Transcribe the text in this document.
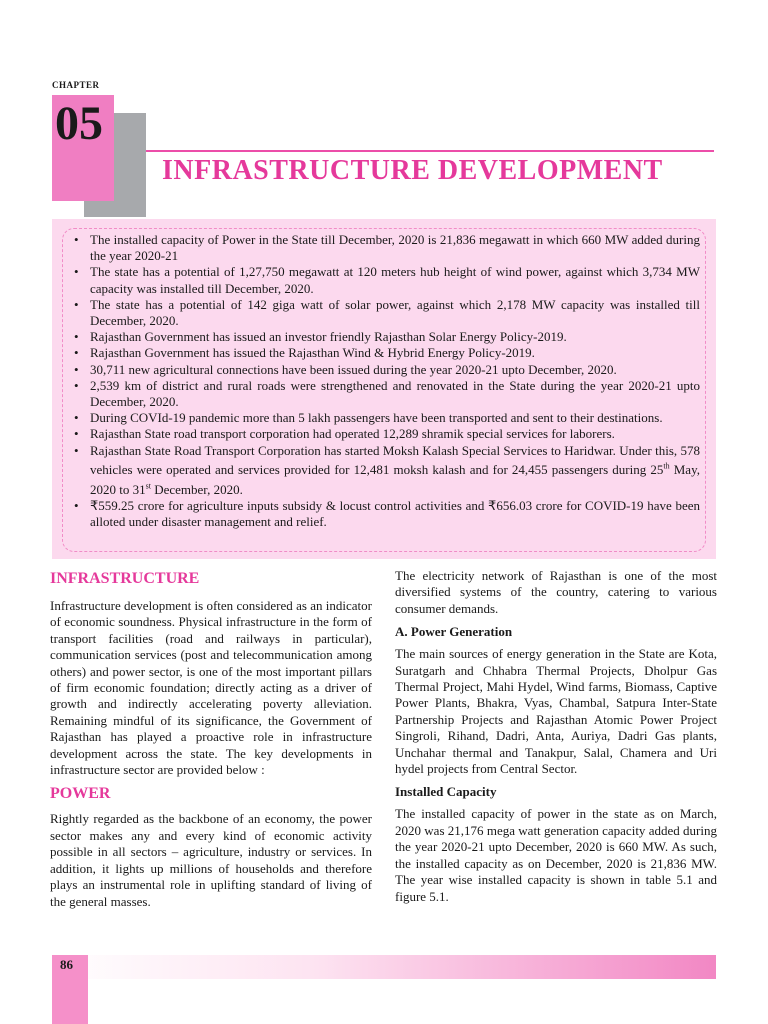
CHAPTER
05
INFRASTRUCTURE DEVELOPMENT
• The installed capacity of Power in the State till December, 2020 is 21,836 megawatt in which 660 MW added during the year 2020-21
• The state has a potential of 1,27,750 megawatt at 120 meters hub height of wind power, against which 3,734 MW capacity was installed till December, 2020.
• The state has a potential of 142 giga watt of solar power, against which 2,178 MW capacity was installed till December, 2020.
• Rajasthan Government has issued an investor friendly Rajasthan Solar Energy Policy-2019.
• Rajasthan Government has issued the Rajasthan Wind & Hybrid Energy Policy-2019.
• 30,711 new agricultural connections have been issued during the year 2020-21 upto December, 2020.
• 2,539 km of district and rural roads were strengthened and renovated in the State during the year 2020-21 upto December, 2020.
• During COVId-19 pandemic more than 5 lakh passengers have been transported and sent to their destinations.
• Rajasthan State road transport corporation had operated 12,289 shramik special services for laborers.
• Rajasthan State Road Transport Corporation has started Moksh Kalash Special Services to Haridwar. Under this, 578 vehicles were operated and services provided for 12,481 moksh kalash and for 24,455 passengers during 25th May, 2020 to 31st December, 2020.
• ₹559.25 crore for agriculture inputs subsidy & locust control activities and ₹656.03 crore for COVID-19 have been alloted under disaster management and relief.
INFRASTRUCTURE

Infrastructure development is often considered as an indicator of economic soundness. Physical infrastructure in the form of transport facilities (road and railways in particular), communication services (post and telecommunication among others) and power sector, is one of the most important pillars of firm economic foundation; directly acting as a driver of growth and indirectly accelerating poverty alleviation. Remaining mindful of its significance, the Government of Rajasthan has played a proactive role in infrastructure development across the state. The key developments in infrastructure sector are provided below :

POWER

Rightly regarded as the backbone of an economy, the power sector makes any and every kind of economic activity possible in all sectors – agriculture, industry or services. In addition, it lights up millions of households and therefore plays an instrumental role in uplifting standard of living of the general masses.

The electricity network of Rajasthan is one of the most diversified systems of the country, catering to various consumer demands.

A. Power Generation

The main sources of energy generation in the State are Kota, Suratgarh and Chhabra Thermal Projects, Dholpur Gas Thermal Project, Mahi Hydel, Wind farms, Biomass, Captive Power Plants, Bhakra, Vyas, Chambal, Satpura Inter-State Partnership Projects and Rajasthan Atomic Power Project Singroli, Rihand, Dadri, Anta, Auriya, Dadri Gas plants, Unchahar thermal and Tanakpur, Salal, Chamera and Uri hydel projects from Central Sector.

Installed Capacity

The installed capacity of power in the state as on March, 2020 was 21,176 mega watt generation capacity added during the year 2020-21 upto December, 2020 is 660 MW. As such, the installed capacity as on December, 2020 is 21,836 MW. The year wise installed capacity is shown in table 5.1 and figure 5.1.

86
